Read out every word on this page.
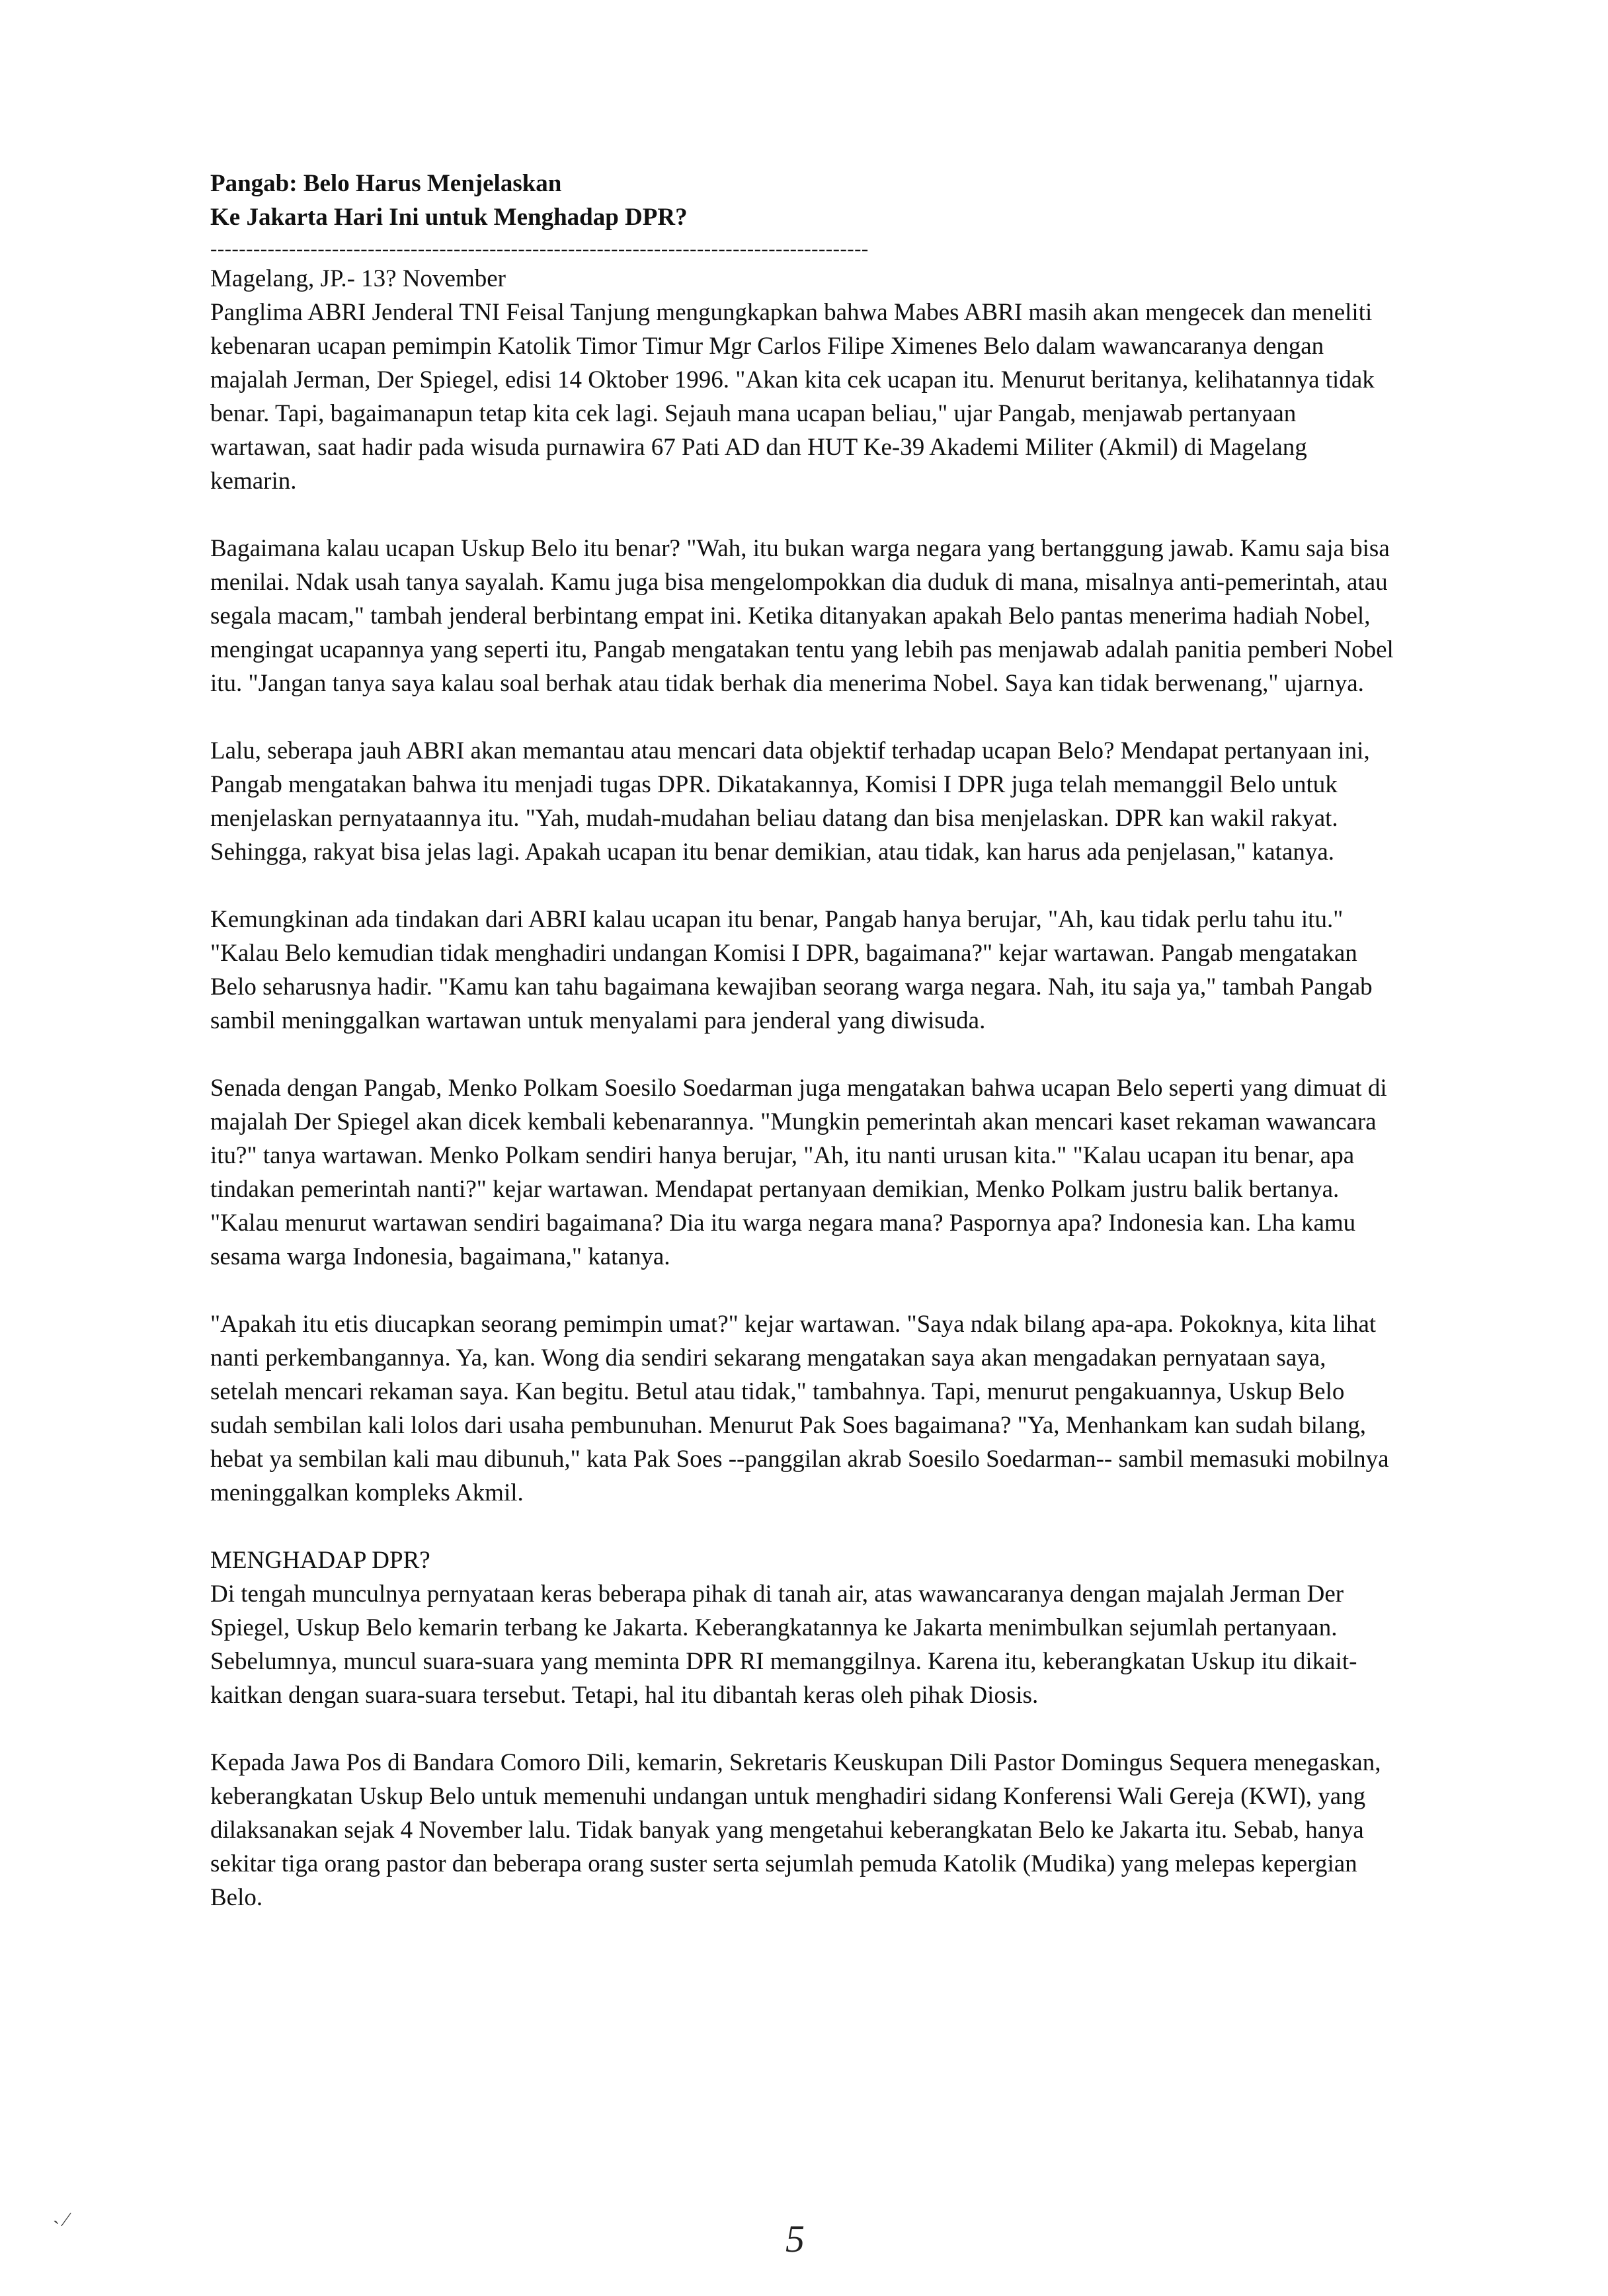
Pangab: Belo Harus Menjelaskan
Ke Jakarta Hari Ini untuk Menghadap DPR?
--------------------------------------------------------------------------------------------
Magelang, JP.- 13? November

Panglima ABRI Jenderal TNI Feisal Tanjung mengungkapkan bahwa Mabes ABRI masih akan mengecek dan meneliti kebenaran ucapan pemimpin Katolik Timor Timur Mgr Carlos Filipe Ximenes Belo dalam wawancaranya dengan majalah Jerman, Der Spiegel, edisi 14 Oktober 1996. "Akan kita cek ucapan itu. Menurut beritanya, kelihatannya tidak benar. Tapi, bagaimanapun tetap kita cek lagi. Sejauh mana ucapan beliau," ujar Pangab, menjawab pertanyaan wartawan, saat hadir pada wisuda purnawira 67 Pati AD dan HUT Ke-39 Akademi Militer (Akmil) di Magelang kemarin.

Bagaimana kalau ucapan Uskup Belo itu benar? "Wah, itu bukan warga negara yang bertanggung jawab. Kamu saja bisa menilai. Ndak usah tanya sayalah. Kamu juga bisa mengelompokkan dia duduk di mana, misalnya anti-pemerintah, atau segala macam," tambah jenderal berbintang empat ini. Ketika ditanyakan apakah Belo pantas menerima hadiah Nobel, mengingat ucapannya yang seperti itu, Pangab mengatakan tentu yang lebih pas menjawab adalah panitia pemberi Nobel itu. "Jangan tanya saya kalau soal berhak atau tidak berhak dia menerima Nobel. Saya kan tidak berwenang," ujarnya.

Lalu, seberapa jauh ABRI akan memantau atau mencari data objektif terhadap ucapan Belo? Mendapat pertanyaan ini, Pangab mengatakan bahwa itu menjadi tugas DPR. Dikatakannya, Komisi I DPR juga telah memanggil Belo untuk menjelaskan pernyataannya itu. "Yah, mudah-mudahan beliau datang dan bisa menjelaskan. DPR kan wakil rakyat. Sehingga, rakyat bisa jelas lagi. Apakah ucapan itu benar demikian, atau tidak, kan harus ada penjelasan," katanya.

Kemungkinan ada tindakan dari ABRI kalau ucapan itu benar, Pangab hanya berujar, "Ah, kau tidak perlu tahu itu." "Kalau Belo kemudian tidak menghadiri undangan Komisi I DPR, bagaimana?" kejar wartawan. Pangab mengatakan Belo seharusnya hadir. "Kamu kan tahu bagaimana kewajiban seorang warga negara. Nah, itu saja ya," tambah Pangab sambil meninggalkan wartawan untuk menyalami para jenderal yang diwisuda.

Senada dengan Pangab, Menko Polkam Soesilo Soedarman juga mengatakan bahwa ucapan Belo seperti yang dimuat di majalah Der Spiegel akan dicek kembali kebenarannya. "Mungkin pemerintah akan mencari kaset rekaman wawancara itu?" tanya wartawan. Menko Polkam sendiri hanya berujar, "Ah, itu nanti urusan kita." "Kalau ucapan itu benar, apa tindakan pemerintah nanti?" kejar wartawan. Mendapat pertanyaan demikian, Menko Polkam justru balik bertanya. "Kalau menurut wartawan sendiri bagaimana? Dia itu warga negara mana? Paspornya apa? Indonesia kan. Lha kamu sesama warga Indonesia, bagaimana," katanya.

"Apakah itu etis diucapkan seorang pemimpin umat?" kejar wartawan. "Saya ndak bilang apa-apa. Pokoknya, kita lihat nanti perkembangannya. Ya, kan. Wong dia sendiri sekarang mengatakan saya akan mengadakan pernyataan saya, setelah mencari rekaman saya. Kan begitu. Betul atau tidak," tambahnya. Tapi, menurut pengakuannya, Uskup Belo sudah sembilan kali lolos dari usaha pembunuhan. Menurut Pak Soes bagaimana? "Ya, Menhankam kan sudah bilang, hebat ya sembilan kali mau dibunuh," kata Pak Soes --panggilan akrab Soesilo Soedarman-- sambil memasuki mobilnya meninggalkan kompleks Akmil.

MENGHADAP DPR?

Di tengah munculnya pernyataan keras beberapa pihak di tanah air, atas wawancaranya dengan majalah Jerman Der Spiegel, Uskup Belo kemarin terbang ke Jakarta. Keberangkatannya ke Jakarta menimbulkan sejumlah pertanyaan. Sebelumnya, muncul suara-suara yang meminta DPR RI memanggilnya. Karena itu, keberangkatan Uskup itu dikait-kaitkan dengan suara-suara tersebut. Tetapi, hal itu dibantah keras oleh pihak Diosis.

Kepada Jawa Pos di Bandara Comoro Dili, kemarin, Sekretaris Keuskupan Dili Pastor Domingus Sequera menegaskan, keberangkatan Uskup Belo untuk memenuhi undangan untuk menghadiri sidang Konferensi Wali Gereja (KWI), yang dilaksanakan sejak 4 November lalu. Tidak banyak yang mengetahui keberangkatan Belo ke Jakarta itu. Sebab, hanya sekitar tiga orang pastor dan beberapa orang suster serta sejumlah pemuda Katolik (Mudika) yang melepas kepergian Belo.

˴ ⁄	5
